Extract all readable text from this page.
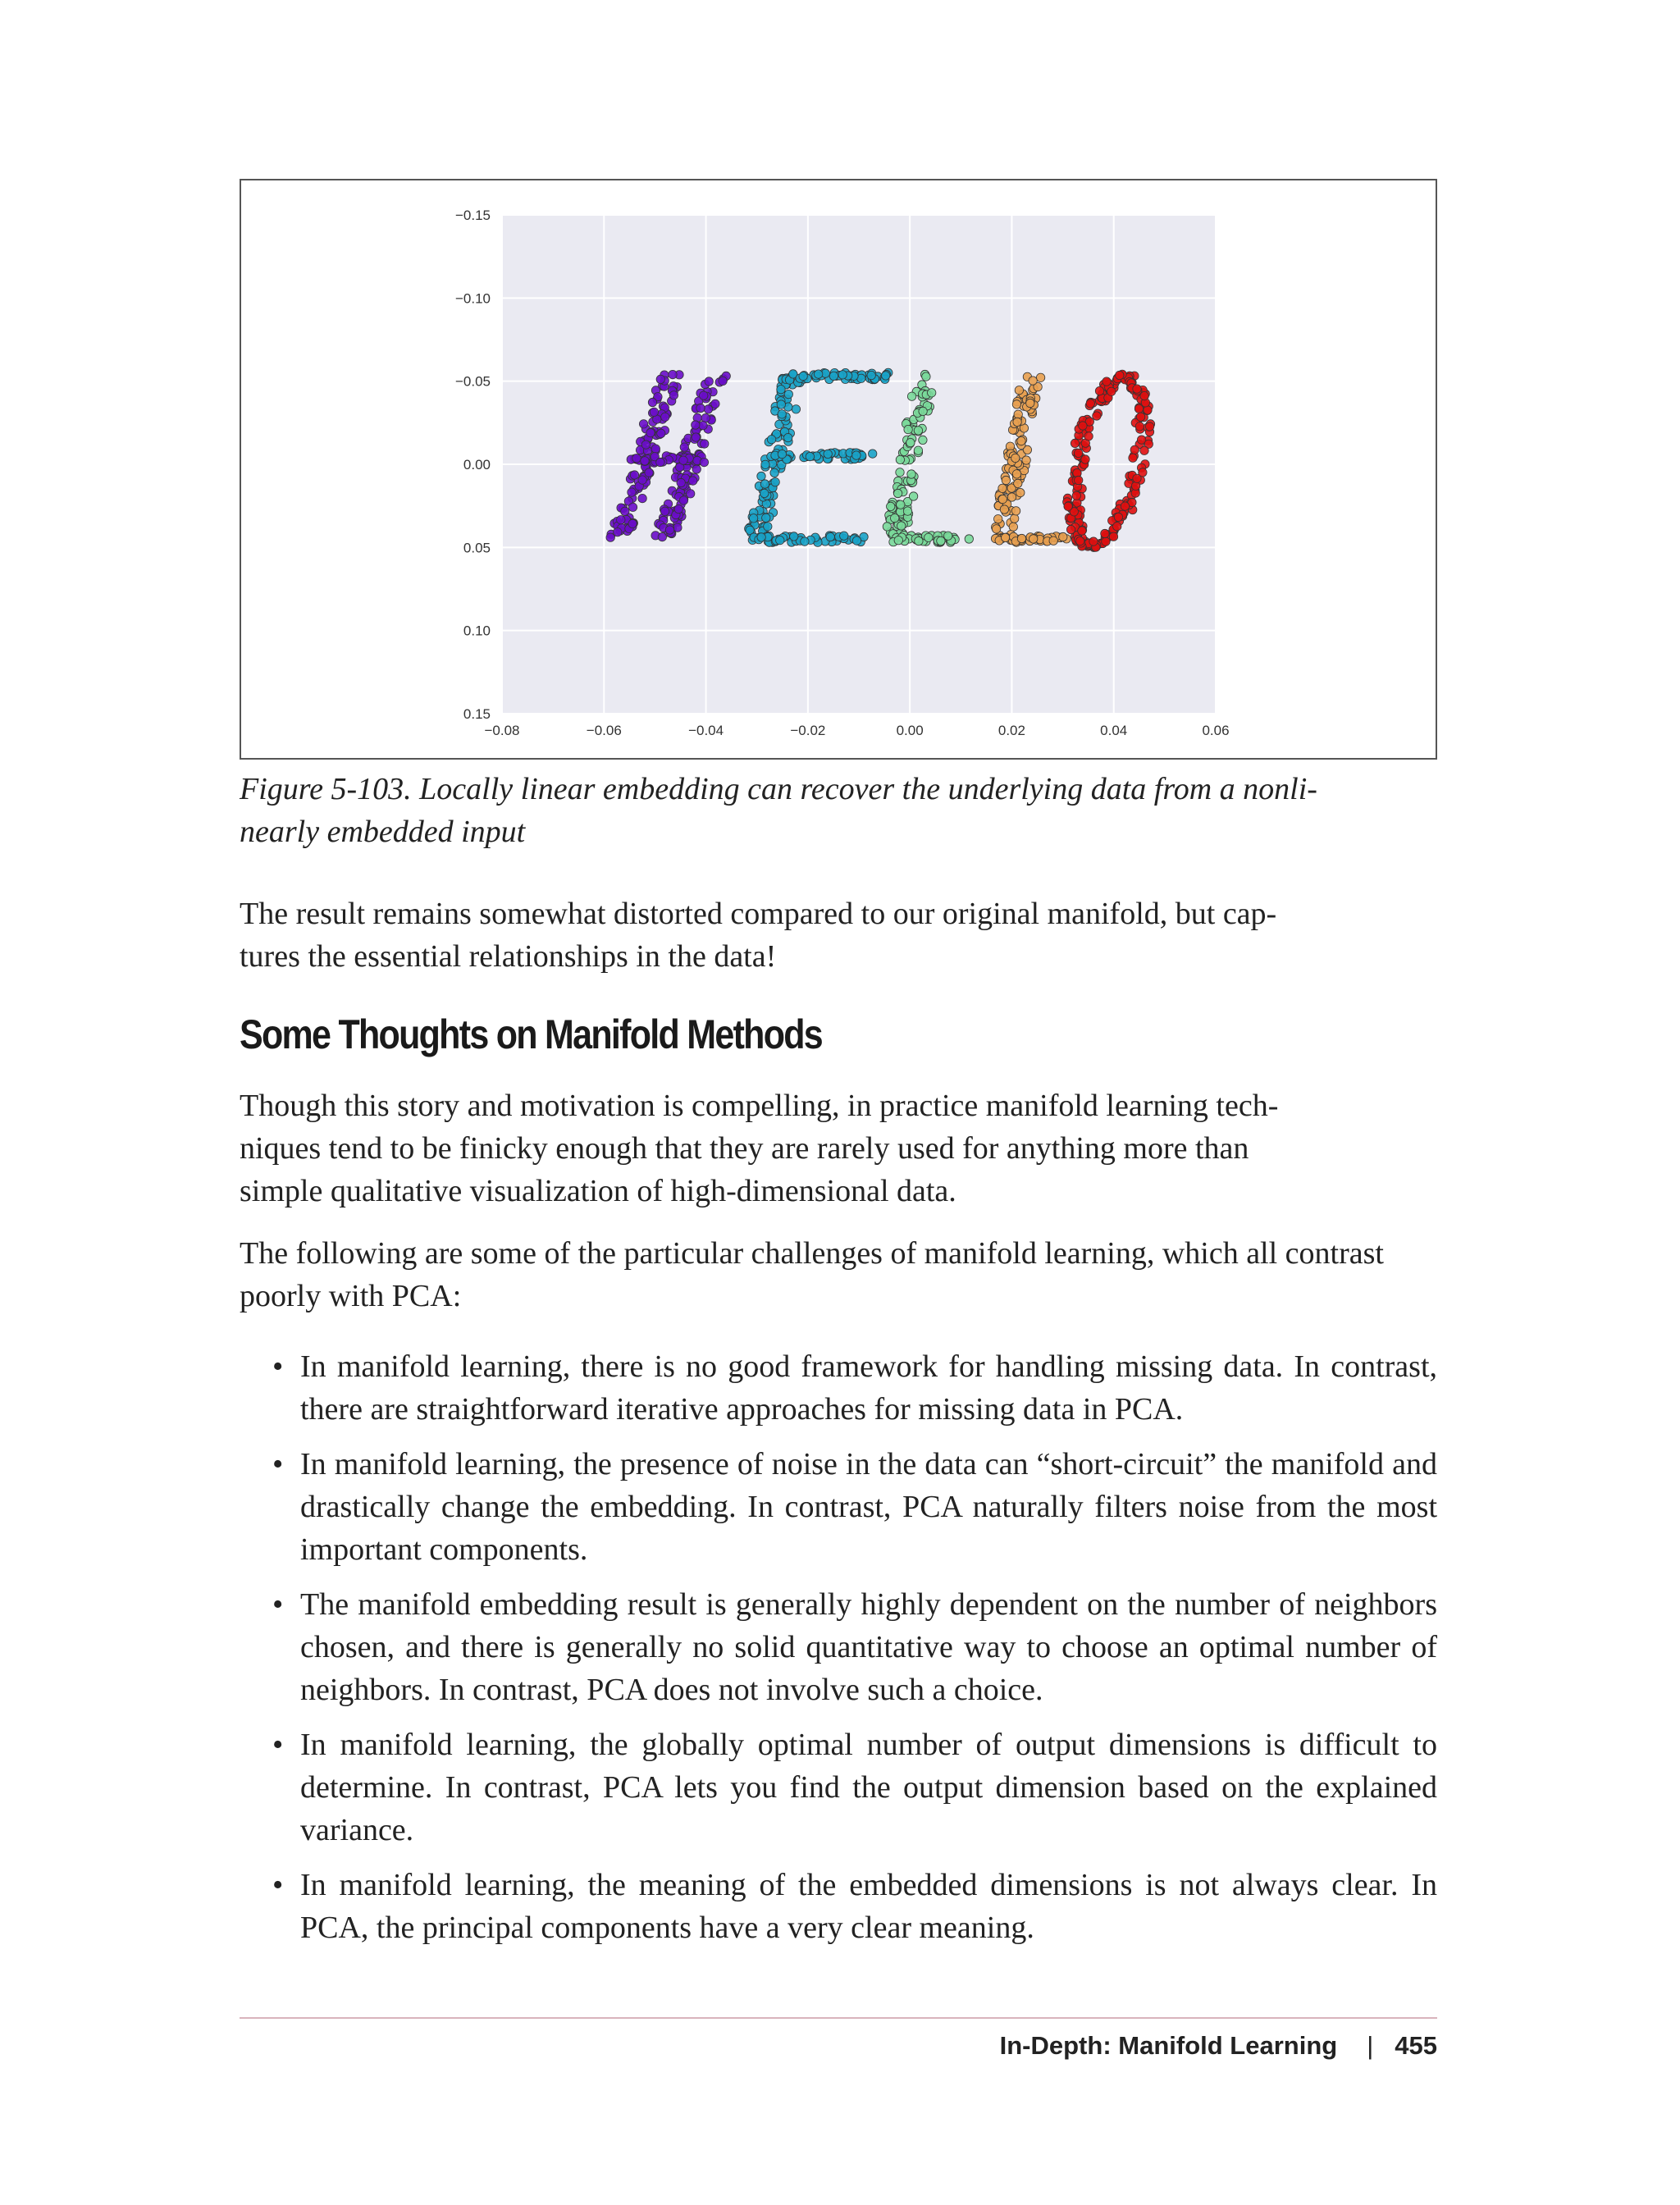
−0.08	−0.06	−0.04	−0.02	0.00	0.02	0.04	0.06
−0.15
−0.10
−0.05
0.00
0.05
0.10
0.15

Figure 5-103. Locally linear embedding can recover the underlying data from a nonli-
nearly embedded input

The result remains somewhat distorted compared to our original manifold, but cap-
tures the essential relationships in the data!

Some Thoughts on Manifold Methods

Though this story and motivation is compelling, in practice manifold learning tech-
niques tend to be finicky enough that they are rarely used for anything more than
simple qualitative visualization of high-dimensional data.

The following are some of the particular challenges of manifold learning, which all contrast poorly with PCA:

• In manifold learning, there is no good framework for handling missing data. In contrast, there are straightforward iterative approaches for missing data in PCA.
• In manifold learning, the presence of noise in the data can “short-circuit” the manifold and drastically change the embedding. In contrast, PCA naturally filters noise from the most important components.
• The manifold embedding result is generally highly dependent on the number of neighbors chosen, and there is generally no solid quantitative way to choose an optimal number of neighbors. In contrast, PCA does not involve such a choice.
• In manifold learning, the globally optimal number of output dimensions is difficult to determine. In contrast, PCA lets you find the output dimension based on the explained variance.
• In manifold learning, the meaning of the embedded dimensions is not always clear. In PCA, the principal components have a very clear meaning.
In-Depth: Manifold Learning | 455
